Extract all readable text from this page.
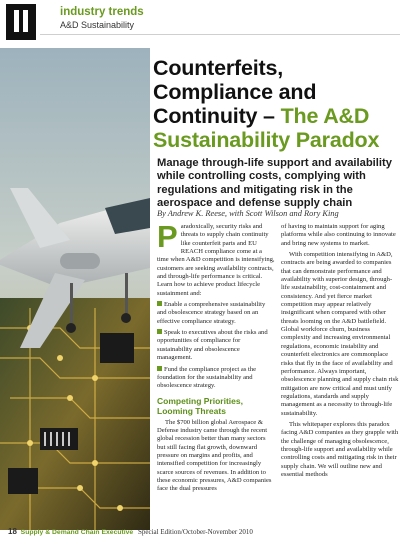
industry trends
A&D Sustainability
Counterfeits,
Compliance and
Continuity – The A&D
Sustainability Paradox
Manage through-life support and availability while controlling costs, complying with regulations and mitigating risk in the aerospace and defense supply chain
By Andrew K. Reese, with Scott Wilson and Rory King

Paradoxically, security risks and threats to supply chain continuity like counterfeit parts and EU REACH compliance come at a time when A&D competition is intensifying, customers are seeking availability contracts, and through-life performance is critical. Learn how to achieve product lifecycle sustainment and:

Enable a comprehensive sustainability and obsolescence strategy based on an effective compliance strategy.

Speak to executives about the risks and opportunities of compliance for sustainability and obsolescence management.

Fund the compliance project as the foundation for the sustainability and obsolescence strategy.

Competing Priorities, Looming Threats

The $700 billion global Aerospace & Defense industry came through the recent global recession better than many sectors but still facing flat growth, downward pressure on margins and profits, and intensified competition for increasingly scarce sources of revenues. In addition to these economic pressures, A&D companies face the dual pressures

of having to maintain support for aging platforms while also continuing to innovate and bring new systems to market.

With competition intensifying in A&D, contracts are being awarded to companies that can demonstrate performance and availability with superior design, through-life sustainability, cost-containment and consistency. And yet fierce market competition may appear relatively insignificant when compared with other threats looming on the A&D battlefield. Global workforce churn, business complexity and increasing environmental regulations, economic instability and counterfeit electronics are commonplace risks that fly in the face of availability and performance. Always important, obsolescence planning and supply chain risk mitigation are now critical and must unify regulations, standards and supply management as a necessity to through-life sustainability.

This whitepaper explores this paradox facing A&D companies as they grapple with the challenge of managing obsolescence, through-life support and availability while controlling costs and mitigating risk in their supply chain. We will outline new and essential methods

18 Supply & Demand Chain Executive Special Edition/October-November 2010
